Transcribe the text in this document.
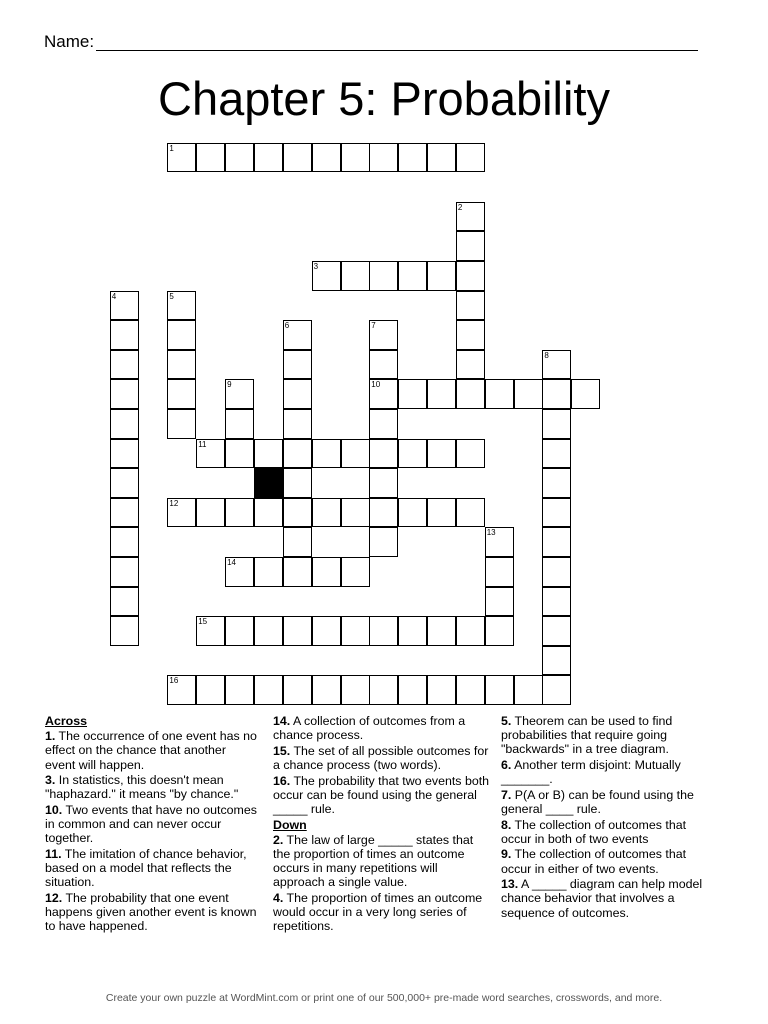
Name:
Chapter 5: Probability
1
2
3
4	5
6	7
10
8
9
11
12
13
14
15
16

Across

1. The occurrence of one event has no effect on the chance that another event will happen.

3. In statistics, this doesn't mean "haphazard." it means "by chance."

10. Two events that have no outcomes in common and can never occur together.

11. The imitation of chance behavior, based on a model that reflects the situation.

12. The probability that one event happens given another event is known to have happened.

14. A collection of outcomes from a chance process.

15. The set of all possible outcomes for a chance process (two words).

16. The probability that two events both occur can be found using the general _____ rule.

Down

2. The law of large _____ states that the proportion of times an outcome occurs in many repetitions will approach a single value.

4. The proportion of times an outcome would occur in a very long series of repetitions.

5. Theorem can be used to find probabilities that require going "backwards" in a tree diagram.

6. Another term disjoint: Mutually _______.

7. P(A or B) can be found using the general ____ rule.

8. The collection of outcomes that occur in both of two events

9. The collection of outcomes that occur in either of two events.

13. A _____ diagram can help model chance behavior that involves a sequence of outcomes.

Create your own puzzle at WordMint.com or print one of our 500,000+ pre-made word searches, crosswords, and more.
